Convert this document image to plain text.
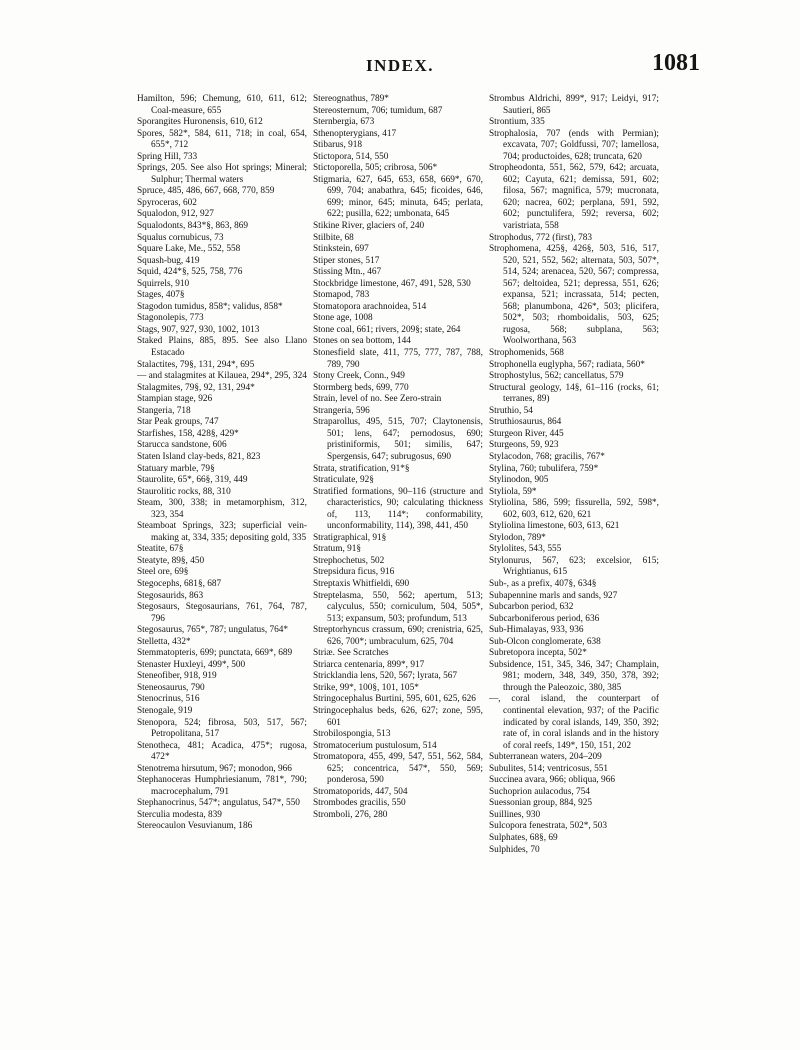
INDEX.	1081

Hamilton, 596; Chemung, 610, 611, 612; Coal-measure, 655

Sporangites Huronensis, 610, 612

Spores, 582*, 584, 611, 718; in coal, 654, 655*, 712

Spring Hill, 733

Springs, 205. See also Hot springs; Mineral; Sulphur; Thermal waters

Spruce, 485, 486, 667, 668, 770, 859

Spyroceras, 602

Squalodon, 912, 927

Squalodonts, 843*§, 863, 869

Squalus cornubicus, 73

Square Lake, Me., 552, 558

Squash-bug, 419

Squid, 424*§, 525, 758, 776

Squirrels, 910

Stages, 407§

Stagodon tumidus, 858*; validus, 858*

Stagonolepis, 773

Stags, 907, 927, 930, 1002, 1013

Staked Plains, 885, 895. See also Llano Estacado

Stalactites, 79§, 131, 294*, 695

— and stalagmites at Kilauea, 294*, 295, 324

Stalagmites, 79§, 92, 131, 294*

Stampian stage, 926

Stangeria, 718

Star Peak groups, 747

Starfishes, 158, 428§, 429*

Starucca sandstone, 606

Staten Island clay-beds, 821, 823

Statuary marble, 79§

Staurolite, 65*, 66§, 319, 449

Staurolitic rocks, 88, 310

Steam, 300, 338; in metamorphism, 312, 323, 354

Steamboat Springs, 323; superficial vein-making at, 334, 335; depositing gold, 335

Steatite, 67§

Steatyte, 89§, 450

Steel ore, 69§

Stegocephs, 681§, 687

Stegosaurids, 863

Stegosaurs, Stegosaurians, 761, 764, 787, 796

Stegosaurus, 765*, 787; ungulatus, 764*

Stelletta, 432*

Stemmatopteris, 699; punctata, 669*, 689

Stenaster Huxleyi, 499*, 500

Steneofiber, 918, 919

Steneosaurus, 790

Stenocrinus, 516

Stenogale, 919

Stenopora, 524; fibrosa, 503, 517, 567; Petropolitana, 517

Stenotheca, 481; Acadica, 475*; rugosa, 472*

Stenotrema hirsutum, 967; monodon, 966

Stephanoceras Humphriesianum, 781*, 790; macrocephalum, 791

Stephanocrinus, 547*; angulatus, 547*, 550

Sterculia modesta, 839

Stereocaulon Vesuvianum, 186

Stereognathus, 789*

Stereosternum, 706; tumidum, 687

Sternbergia, 673

Sthenopterygians, 417

Stibarus, 918

Stictopora, 514, 550

Stictoporella, 505; cribrosa, 506*

Stigmaria, 627, 645, 653, 658, 669*, 670, 699, 704; anabathra, 645; ficoides, 646, 699; minor, 645; minuta, 645; perlata, 622; pusilla, 622; umbonata, 645

Stikine River, glaciers of, 240

Stilbite, 68

Stinkstein, 697

Stiper stones, 517

Stissing Mtn., 467

Stockbridge limestone, 467, 491, 528, 530

Stomapod, 783

Stomatopora arachnoidea, 514

Stone age, 1008

Stone coal, 661; rivers, 209§; state, 264

Stones on sea bottom, 144

Stonesfield slate, 411, 775, 777, 787, 788, 789, 790

Stony Creek, Conn., 949

Stormberg beds, 699, 770

Strain, level of no. See Zero-strain

Strangeria, 596

Straparollus, 495, 515, 707; Claytonensis, 501; lens, 647; pernodosus, 690; pristiniformis, 501; similis, 647; Spergensis, 647; subrugosus, 690

Strata, stratification, 91*§

Straticulate, 92§

Stratified formations, 90–116 (structure and characteristics, 90; calculating thickness of, 113, 114*; conformability, unconformability, 114), 398, 441, 450

Stratigraphical, 91§

Stratum, 91§

Strephochetus, 502

Strepsidura ficus, 916

Streptaxis Whitfieldi, 690

Streptelasma, 550, 562; apertum, 513; calyculus, 550; corniculum, 504, 505*, 513; expansum, 503; profundum, 513

Streptorhyncus crassum, 690; crenistria, 625, 626, 700*; umbraculum, 625, 704

Striæ. See Scratches

Striarca centenaria, 899*, 917

Stricklandia lens, 520, 567; lyrata, 567

Strike, 99*, 100§, 101, 105*

Stringocephalus Burtini, 595, 601, 625, 626

Stringocephalus beds, 626, 627; zone, 595, 601

Strobilospongia, 513

Stromatocerium pustulosum, 514

Stromatopora, 455, 499, 547, 551, 562, 584, 625; concentrica, 547*, 550, 569; ponderosa, 590

Stromatoporids, 447, 504

Strombodes gracilis, 550

Stromboli, 276, 280

Strombus Aldrichi, 899*, 917; Leidyi, 917; Sautieri, 865

Strontium, 335

Strophalosia, 707 (ends with Permian); excavata, 707; Goldfussi, 707; lamellosa, 704; productoides, 628; truncata, 620

Stropheodonta, 551, 562, 579, 642; arcuata, 602; Cayuta, 621; demissa, 591, 602; filosa, 567; magnifica, 579; mucronata, 620; nacrea, 602; perplana, 591, 592, 602; punctulifera, 592; reversa, 602; varistriata, 558

Strophodus, 772 (first), 783

Strophomena, 425§, 426§, 503, 516, 517, 520, 521, 552, 562; alternata, 503, 507*, 514, 524; arenacea, 520, 567; compressa, 567; deltoidea, 521; depressa, 551, 626; expansa, 521; incrassata, 514; pecten, 568; planumbona, 426*, 503; plicifera, 502*, 503; rhomboidalis, 503, 625; rugosa, 568; subplana, 563; Woolworthana, 563

Strophomenids, 568

Strophonella euglypha, 567; radiata, 560*

Strophostylus, 562; cancellatus, 579

Structural geology, 14§, 61–116 (rocks, 61; terranes, 89)

Struthio, 54

Struthiosaurus, 864

Sturgeon River, 445

Sturgeons, 59, 923

Stylacodon, 768; gracilis, 767*

Stylina, 760; tubulifera, 759*

Stylinodon, 905

Styliola, 59*

Styliolina, 586, 599; fissurella, 592, 598*, 602, 603, 612, 620, 621

Styliolina limestone, 603, 613, 621

Stylodon, 789*

Stylolites, 543, 555

Stylonurus, 567, 623; excelsior, 615; Wrightianus, 615

Sub-, as a prefix, 407§, 634§

Subapennine marls and sands, 927

Subcarbon period, 632

Subcarboniferous period, 636

Sub-Himalayas, 933, 936

Sub-Olcon conglomerate, 638

Subretopora incepta, 502*

Subsidence, 151, 345, 346, 347; Champlain, 981; modern, 348, 349, 350, 378, 392; through the Paleozoic, 380, 385

—, coral island, the counterpart of continental elevation, 937; of the Pacific indicated by coral islands, 149, 350, 392; rate of, in coral islands and in the history of coral reefs, 149*, 150, 151, 202

Subterranean waters, 204–209

Subulites, 514; ventricosus, 551

Succinea avara, 966; obliqua, 966

Suchoprion aulacodus, 754

Suessonian group, 884, 925

Suillines, 930

Sulcopora fenestrata, 502*, 503

Sulphates, 68§, 69

Sulphides, 70
